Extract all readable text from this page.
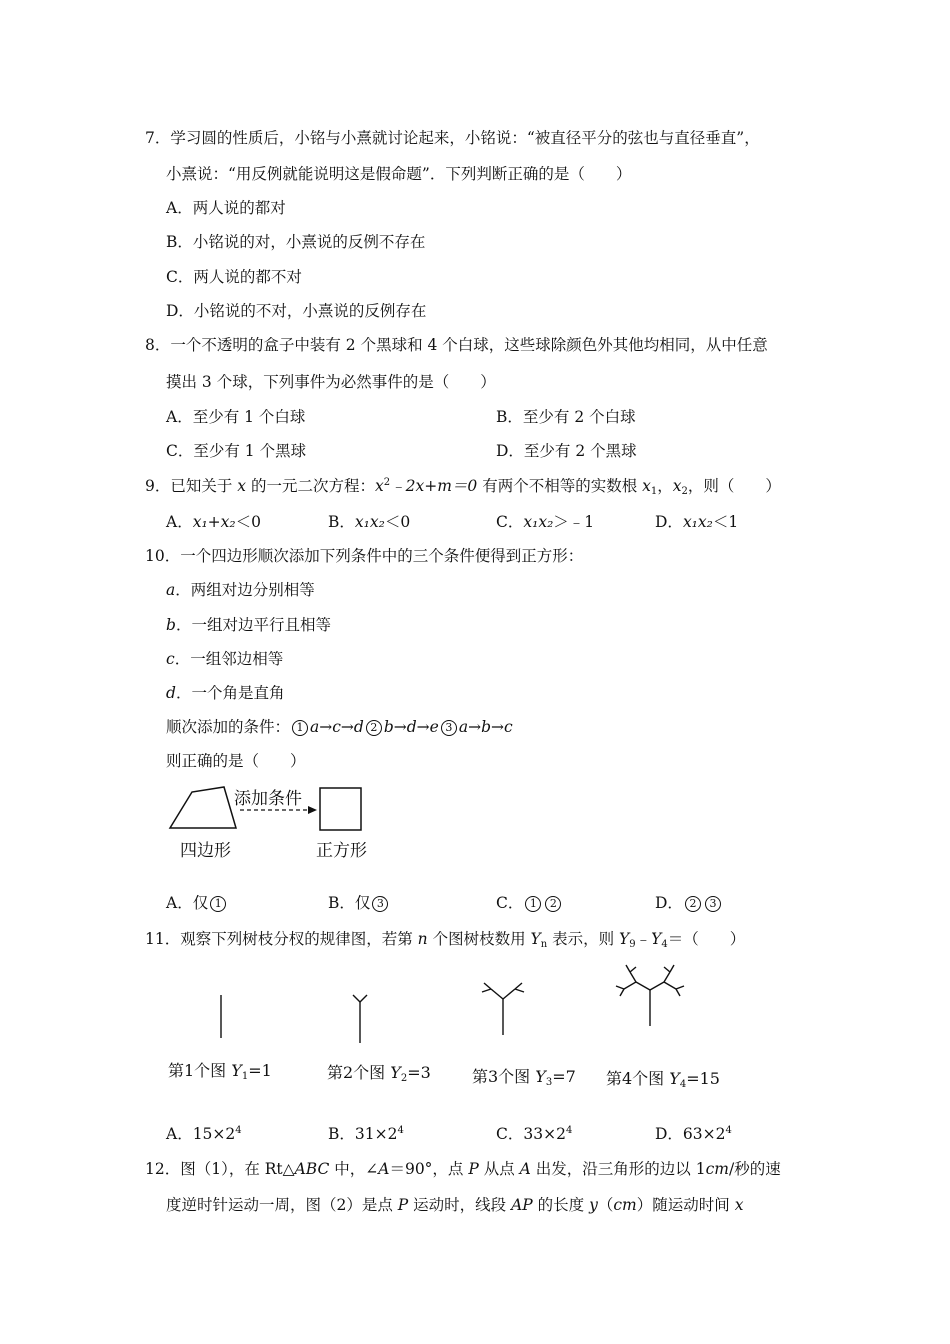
7．学习圆的性质后，小铭与小熹就讨论起来，小铭说：“被直径平分的弦也与直径垂直”，
小熹说：“用反例就能说明这是假命题”．下列判断正确的是（　　）
A．两人说的都对
B．小铭说的对，小熹说的反例不存在
C．两人说的都不对
D．小铭说的不对，小熹说的反例存在
8．一个不透明的盒子中装有 2 个黑球和 4 个白球，这些球除颜色外其他均相同，从中任意
摸出 3 个球，下列事件为必然事件的是（　　）
A．至少有 1 个白球	B．至少有 2 个白球
C．至少有 1 个黑球	D．至少有 2 个黑球
9．已知关于 x 的一元二次方程：$x^2﹣2x+m=0$ 有两个不相等的实数根 $x_1$，$x_2$，则（　　）
A．x₁+x₂＜0	B．x₁x₂＜0	C．x₁x₂＞﹣1	D．x₁x₂＜1
10．一个四边形顺次添加下列条件中的三个条件便得到正方形：
a．两组对边分别相等
b．一组对边平行且相等
c．一组邻边相等
d．一个角是直角
顺次添加的条件： 1 a→c→d 2 b→d→e 3 a→b→c
则正确的是（　　）
添加条件
四边形	正方形
A．仅 1	B．仅 3	C． 1 2	D． 2 3
11．观察下列树枝分杈的规律图，若第 n 个图树枝数用 $Y_n$ 表示，则 $Y_9﹣Y_4=$（　　）
第1个图 $Y_1=1$	第2个图 $Y_2=3$	第3个图 $Y_3=7$ 第4个图 $Y_4=15$
A．$15\times 2^4$	B．$31\times 2^4$	C．$33\times 2^4$	D．$63\times 2^4$
12．图（1），在 Rt△ABC 中，∠A＝90°，点 P 从点 A 出发，沿三角形的边以 1cm/秒的速
度逆时针运动一周，图（2）是点 P 运动时，线段 AP 的长度 y（cm）随运动时间 x
